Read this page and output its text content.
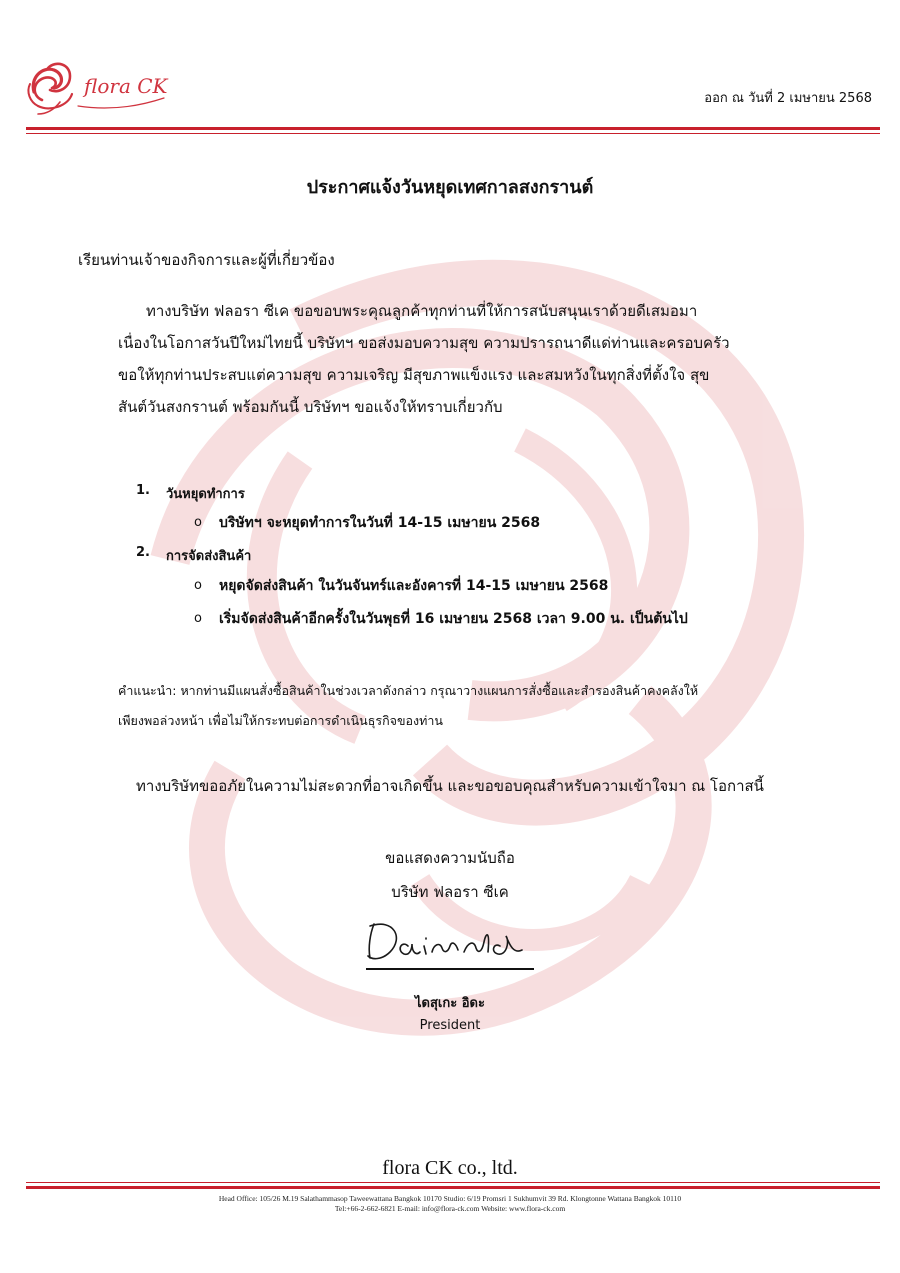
flora CK
ออก ณ วันที่ 2 เมษายน 2568
ประกาศแจ้งวันหยุดเทศกาลสงกรานต์
เรียนท่านเจ้าของกิจการและผู้ที่เกี่ยวข้อง
ทางบริษัท ฟลอรา ซีเค ขอขอบพระคุณลูกค้าทุกท่านที่ให้การสนับสนุนเราด้วยดีเสมอมา
เนื่องในโอกาสวันปีใหม่ไทยนี้ บริษัทฯ ขอส่งมอบความสุข ความปรารถนาดีแด่ท่านและครอบครัว
ขอให้ทุกท่านประสบแต่ความสุข ความเจริญ มีสุขภาพแข็งแรง และสมหวังในทุกสิ่งที่ตั้งใจ สุข
สันต์วันสงกรานต์ พร้อมกันนี้ บริษัทฯ ขอแจ้งให้ทราบเกี่ยวกับ
1. วันหยุดทำการ
o บริษัทฯ จะหยุดทำการในวันที่ 14-15 เมษายน 2568
2. การจัดส่งสินค้า
o หยุดจัดส่งสินค้า ในวันจันทร์และอังคารที่ 14-15 เมษายน 2568
o เริ่มจัดส่งสินค้าอีกครั้งในวันพุธที่ 16 เมษายน 2568 เวลา 9.00 น. เป็นต้นไป
คำแนะนำ: หากท่านมีแผนสั่งซื้อสินค้าในช่วงเวลาดังกล่าว กรุณาวางแผนการสั่งซื้อและสำรองสินค้าคงคลังให้
เพียงพอล่วงหน้า เพื่อไม่ให้กระทบต่อการดำเนินธุรกิจของท่าน
ทางบริษัทขออภัยในความไม่สะดวกที่อาจเกิดขึ้น และขอขอบคุณสำหรับความเข้าใจมา ณ โอกาสนี้
ขอแสดงความนับถือ
บริษัท ฟลอรา ซีเค
ไดสุเกะ อิดะ
President
flora CK co., ltd.
Head Office: 105/26 M.19 Salathammasop Taweewattana Bangkok 10170 Studio: 6/19 Promsri 1 Sukhumvit 39 Rd. Klongtonne Wattana Bangkok 10110
Tel:+66-2-662-6821 E-mail: info@flora-ck.com Website: www.flora-ck.com
